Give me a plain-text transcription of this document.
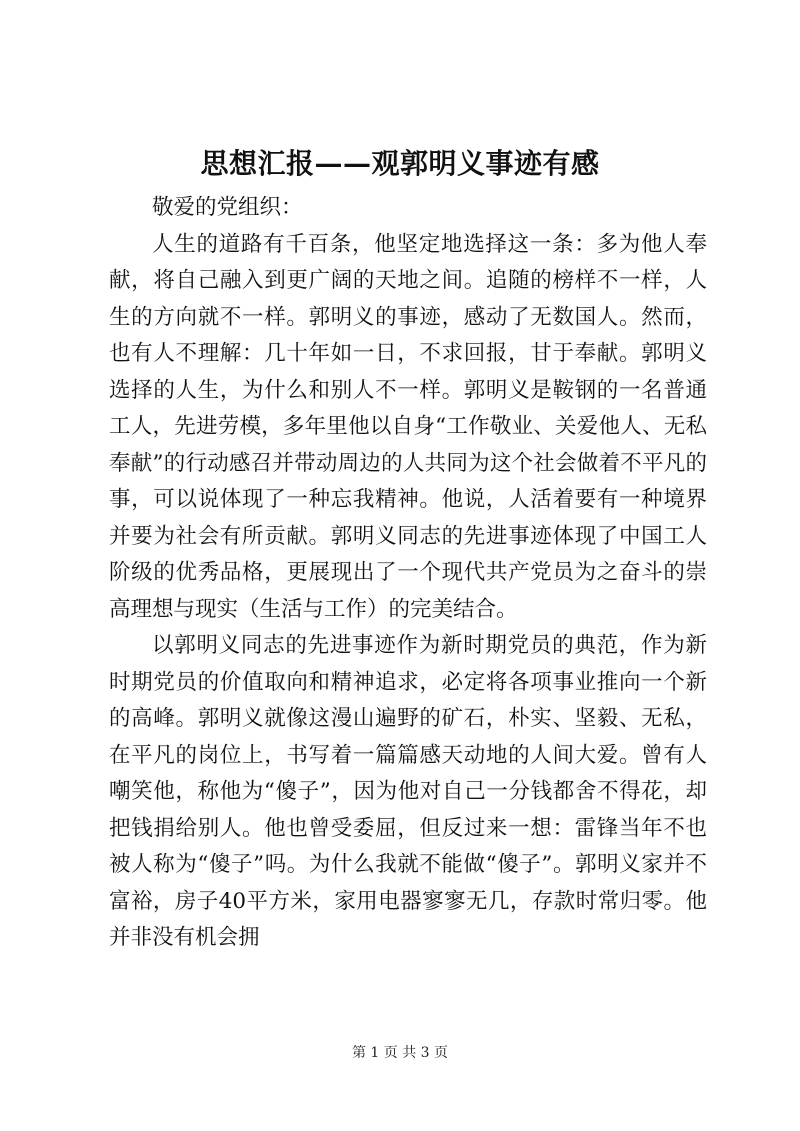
思想汇报——观郭明义事迹有感

敬爱的党组织：

人生的道路有千百条，他坚定地选择这一条：多为他人奉献，将自己融入到更广阔的天地之间。追随的榜样不一样，人生的方向就不一样。郭明义的事迹，感动了无数国人。然而，也有人不理解：几十年如一日，不求回报，甘于奉献。郭明义选择的人生，为什么和别人不一样。郭明义是鞍钢的一名普通工人，先进劳模，多年里他以自身“工作敬业、关爱他人、无私奉献”的行动感召并带动周边的人共同为这个社会做着不平凡的事，可以说体现了一种忘我精神。他说，人活着要有一种境界并要为社会有所贡献。郭明义同志的先进事迹体现了中国工人阶级的优秀品格，更展现出了一个现代共产党员为之奋斗的崇高理想与现实（生活与工作）的完美结合。

以郭明义同志的先进事迹作为新时期党员的典范，作为新时期党员的价值取向和精神追求，必定将各项事业推向一个新的高峰。郭明义就像这漫山遍野的矿石，朴实、坚毅、无私，在平凡的岗位上，书写着一篇篇感天动地的人间大爱。曾有人嘲笑他，称他为“傻子”，因为他对自己一分钱都舍不得花，却把钱捐给别人。他也曾受委屈，但反过来一想：雷锋当年不也被人称为“傻子”吗。为什么我就不能做“傻子”。郭明义家并不富裕，房子40平方米，家用电器寥寥无几，存款时常归零。他并非没有机会拥

第 1 页 共 3 页
